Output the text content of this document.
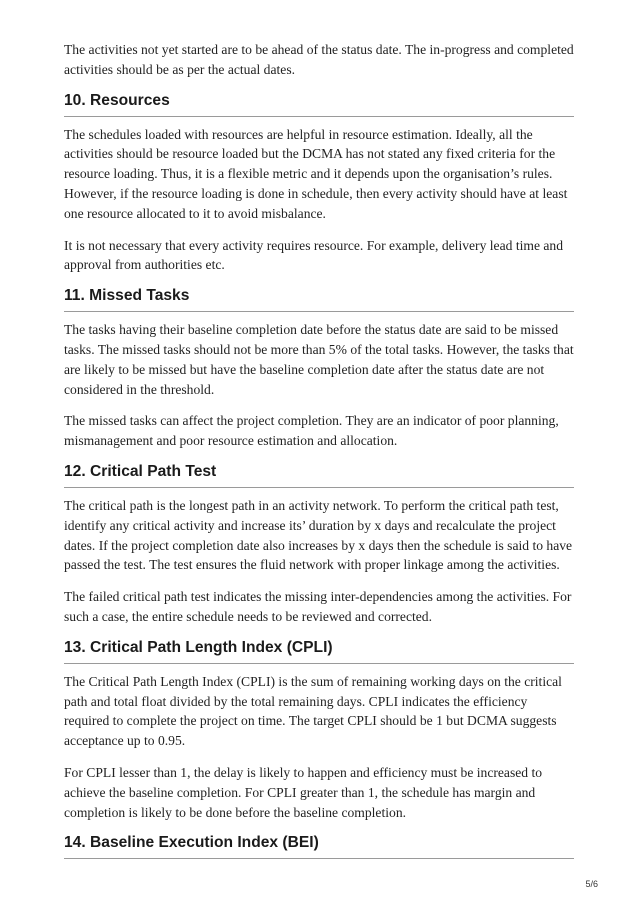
The activities not yet started are to be ahead of the status date. The in-progress and completed activities should be as per the actual dates.

10. Resources

The schedules loaded with resources are helpful in resource estimation. Ideally, all the activities should be resource loaded but the DCMA has not stated any fixed criteria for the resource loading. Thus, it is a flexible metric and it depends upon the organisation’s rules. However, if the resource loading is done in schedule, then every activity should have at least one resource allocated to it to avoid misbalance.

It is not necessary that every activity requires resource. For example, delivery lead time and approval from authorities etc.

11. Missed Tasks

The tasks having their baseline completion date before the status date are said to be missed tasks. The missed tasks should not be more than 5% of the total tasks. However, the tasks that are likely to be missed but have the baseline completion date after the status date are not considered in the threshold.

The missed tasks can affect the project completion. They are an indicator of poor planning, mismanagement and poor resource estimation and allocation.

12. Critical Path Test

The critical path is the longest path in an activity network. To perform the critical path test, identify any critical activity and increase its’ duration by x days and recalculate the project dates. If the project completion date also increases by x days then the schedule is said to have passed the test. The test ensures the fluid network with proper linkage among the activities.

The failed critical path test indicates the missing inter-dependencies among the activities. For such a case, the entire schedule needs to be reviewed and corrected.

13. Critical Path Length Index (CPLI)

The Critical Path Length Index (CPLI) is the sum of remaining working days on the critical path and total float divided by the total remaining days. CPLI indicates the efficiency required to complete the project on time. The target CPLI should be 1 but DCMA suggests acceptance up to 0.95.

For CPLI lesser than 1, the delay is likely to happen and efficiency must be increased to achieve the baseline completion. For CPLI greater than 1, the schedule has margin and completion is likely to be done before the baseline completion.

14. Baseline Execution Index (BEI)
5/6
